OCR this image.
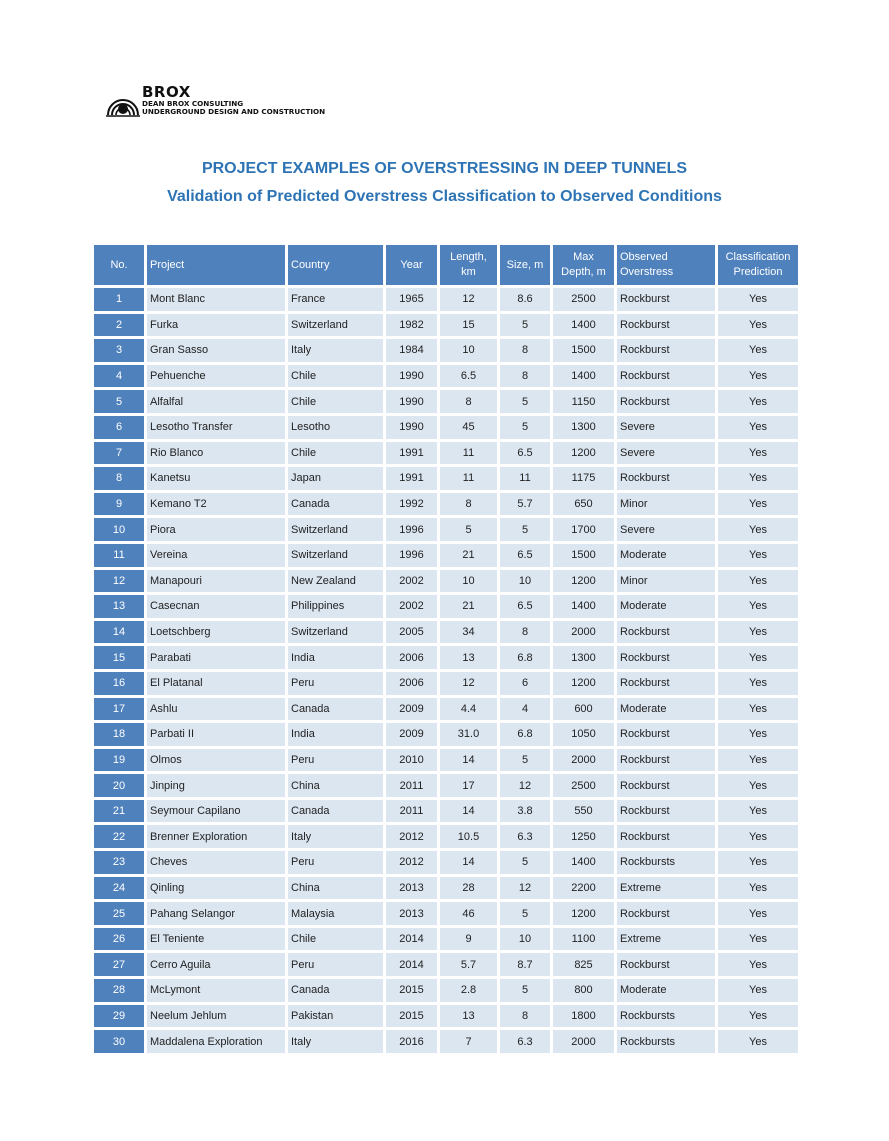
BROX
DEAN BROX CONSULTING
UNDERGROUND DESIGN AND CONSTRUCTION
PROJECT EXAMPLES OF OVERSTRESSING IN DEEP TUNNELS
Validation of Predicted Overstress Classification to Observed Conditions
No.	Project	Country	Year	Length, km	Size, m	Max Depth, m	Observed Overstress	Classification Prediction
1	Mont Blanc	France	1965	12	8.6	2500	Rockburst	Yes
2	Furka	Switzerland	1982	15	5	1400	Rockburst	Yes
3	Gran Sasso	Italy	1984	10	8	1500	Rockburst	Yes
4	Pehuenche	Chile	1990	6.5	8	1400	Rockburst	Yes
5	Alfalfal	Chile	1990	8	5	1150	Rockburst	Yes
6	Lesotho Transfer	Lesotho	1990	45	5	1300	Severe	Yes
7	Rio Blanco	Chile	1991	11	6.5	1200	Severe	Yes
8	Kanetsu	Japan	1991	11	11	1175	Rockburst	Yes
9	Kemano T2	Canada	1992	8	5.7	650	Minor	Yes
10	Piora	Switzerland	1996	5	5	1700	Severe	Yes
11	Vereina	Switzerland	1996	21	6.5	1500	Moderate	Yes
12	Manapouri	New Zealand	2002	10	10	1200	Minor	Yes
13	Casecnan	Philippines	2002	21	6.5	1400	Moderate	Yes
14	Loetschberg	Switzerland	2005	34	8	2000	Rockburst	Yes
15	Parabati	India	2006	13	6.8	1300	Rockburst	Yes
16	El Platanal	Peru	2006	12	6	1200	Rockburst	Yes
17	Ashlu	Canada	2009	4.4	4	600	Moderate	Yes
18	Parbati II	India	2009	31.0	6.8	1050	Rockburst	Yes
19	Olmos	Peru	2010	14	5	2000	Rockburst	Yes
20	Jinping	China	2011	17	12	2500	Rockburst	Yes
21	Seymour Capilano	Canada	2011	14	3.8	550	Rockburst	Yes
22	Brenner Exploration	Italy	2012	10.5	6.3	1250	Rockburst	Yes
23	Cheves	Peru	2012	14	5	1400	Rockbursts	Yes
24	Qinling	China	2013	28	12	2200	Extreme	Yes
25	Pahang Selangor	Malaysia	2013	46	5	1200	Rockburst	Yes
26	El Teniente	Chile	2014	9	10	1100	Extreme	Yes
27	Cerro Aguila	Peru	2014	5.7	8.7	825	Rockburst	Yes
28	McLymont	Canada	2015	2.8	5	800	Moderate	Yes
29	Neelum Jehlum	Pakistan	2015	13	8	1800	Rockbursts	Yes
30	Maddalena Exploration	Italy	2016	7	6.3	2000	Rockbursts	Yes
